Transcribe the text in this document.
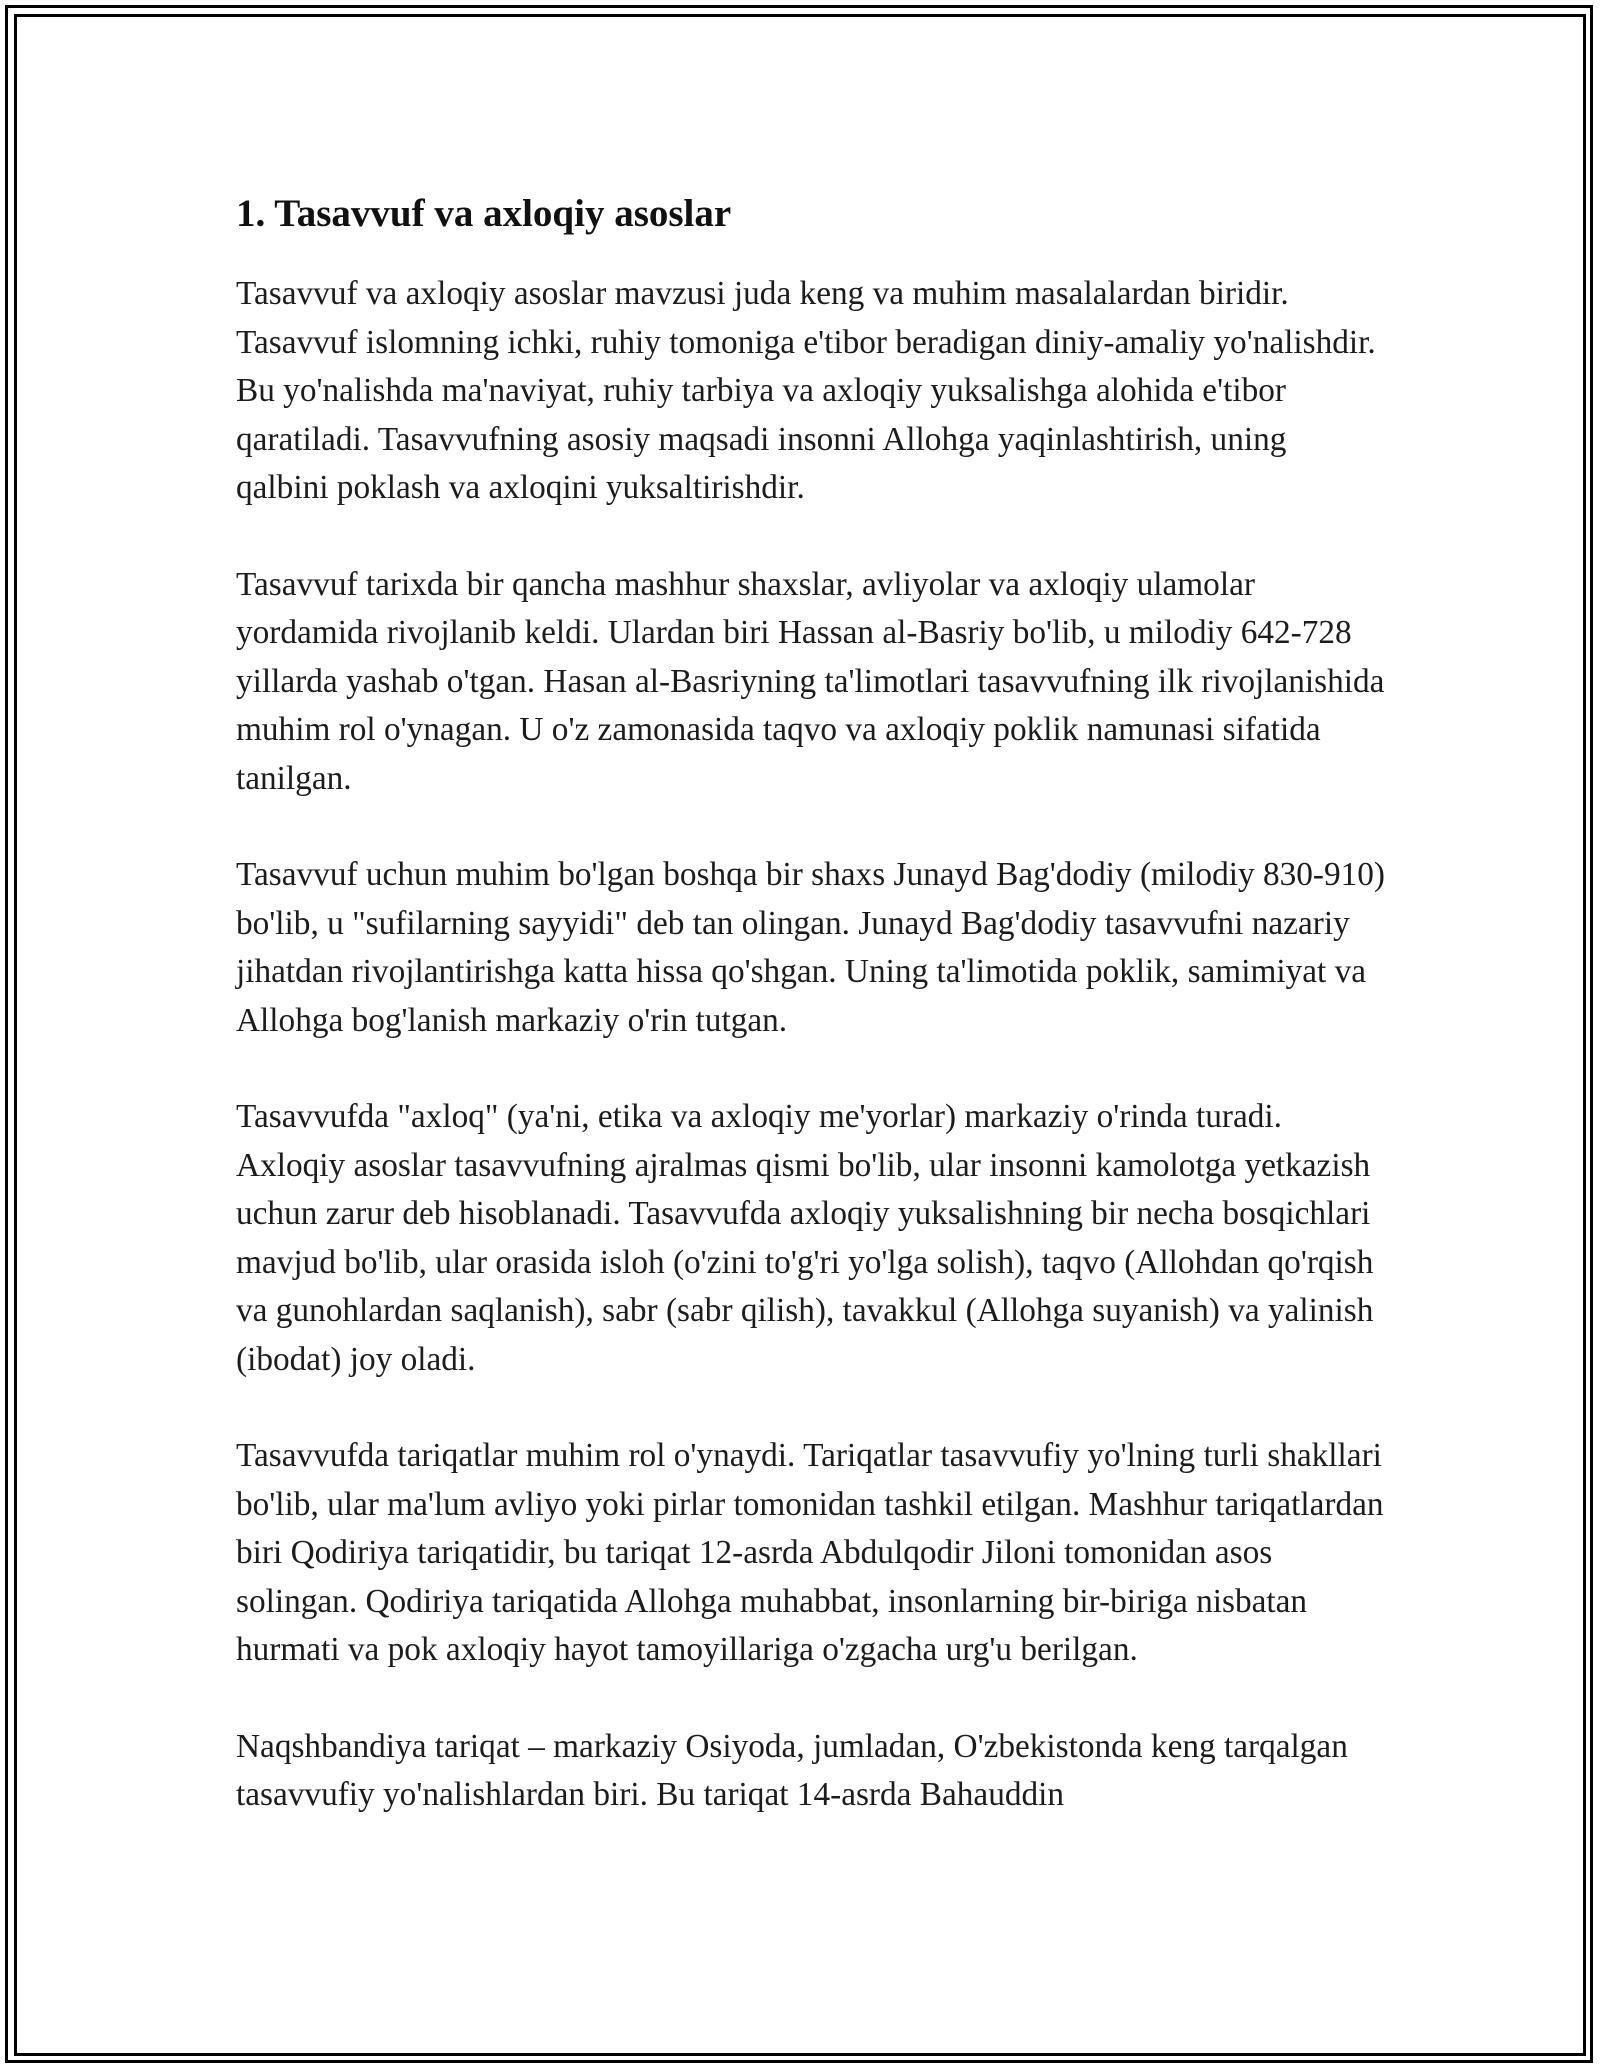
1. Tasavvuf va axloqiy asoslar

Tasavvuf va axloqiy asoslar mavzusi juda keng va muhim masalalardan biridir. Tasavvuf islomning ichki, ruhiy tomoniga e'tibor beradigan diniy-amaliy yo'nalishdir. Bu yo'nalishda ma'naviyat, ruhiy tarbiya va axloqiy yuksalishga alohida e'tibor qaratiladi. Tasavvufning asosiy maqsadi insonni Allohga yaqinlashtirish, uning qalbini poklash va axloqini yuksaltirishdir.

Tasavvuf tarixda bir qancha mashhur shaxslar, avliyolar va axloqiy ulamolar yordamida rivojlanib keldi. Ulardan biri Hassan al-Basriy bo'lib, u milodiy 642-728 yillarda yashab o'tgan. Hasan al-Basriyning ta'limotlari tasavvufning ilk rivojlanishida muhim rol o'ynagan. U o'z zamonasida taqvo va axloqiy poklik namunasi sifatida tanilgan.

Tasavvuf uchun muhim bo'lgan boshqa bir shaxs Junayd Bag'dodiy (milodiy 830-910) bo'lib, u "sufilarning sayyidi" deb tan olingan. Junayd Bag'dodiy tasavvufni nazariy jihatdan rivojlantirishga katta hissa qo'shgan. Uning ta'limotida poklik, samimiyat va Allohga bog'lanish markaziy o'rin tutgan.

Tasavvufda "axloq" (ya'ni, etika va axloqiy me'yorlar) markaziy o'rinda turadi. Axloqiy asoslar tasavvufning ajralmas qismi bo'lib, ular insonni kamolotga yetkazish uchun zarur deb hisoblanadi. Tasavvufda axloqiy yuksalishning bir necha bosqichlari mavjud bo'lib, ular orasida isloh (o'zini to'g'ri yo'lga solish), taqvo (Allohdan qo'rqish va gunohlardan saqlanish), sabr (sabr qilish), tavakkul (Allohga suyanish) va yalinish (ibodat) joy oladi.

Tasavvufda tariqatlar muhim rol o'ynaydi. Tariqatlar tasavvufiy yo'lning turli shakllari bo'lib, ular ma'lum avliyo yoki pirlar tomonidan tashkil etilgan. Mashhur tariqatlardan biri Qodiriya tariqatidir, bu tariqat 12-asrda Abdulqodir Jiloni tomonidan asos solingan. Qodiriya tariqatida Allohga muhabbat, insonlarning bir-biriga nisbatan hurmati va pok axloqiy hayot tamoyillariga o'zgacha urg'u berilgan.

Naqshbandiya tariqat – markaziy Osiyoda, jumladan, O'zbekistonda keng tarqalgan tasavvufiy yo'nalishlardan biri. Bu tariqat 14-asrda Bahauddin
